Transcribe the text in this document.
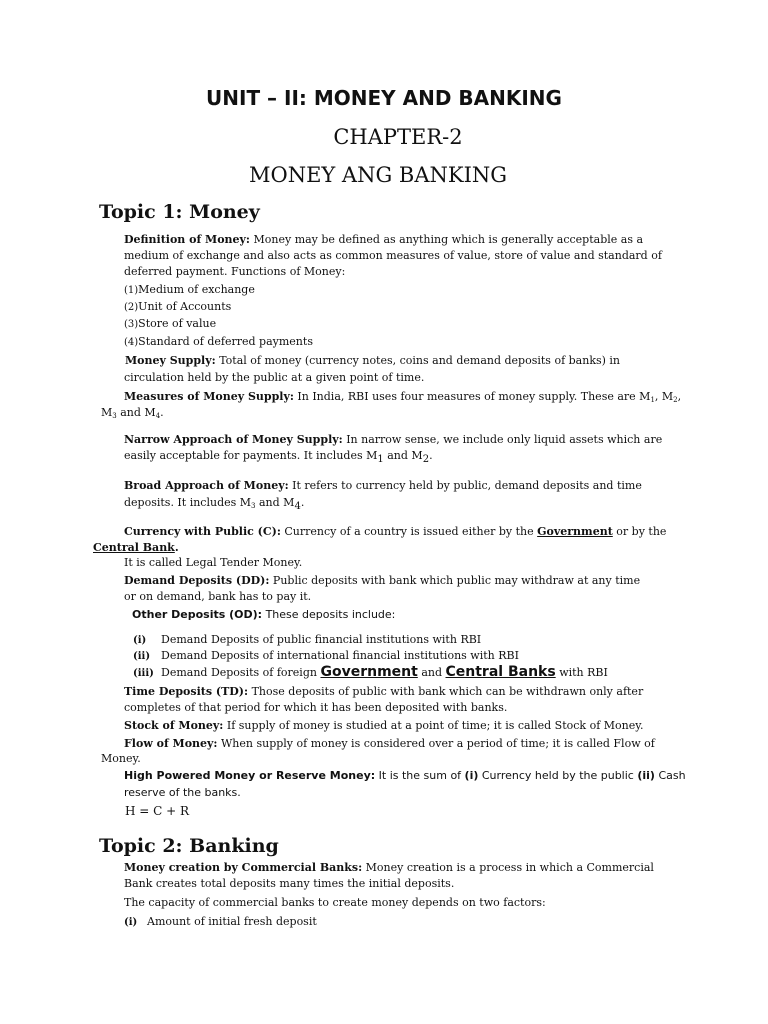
UNIT – II: MONEY AND BANKING
CHAPTER-2
MONEY ANG BANKING
Topic 1: Money
Definition of Money: Money may be defined as anything which is generally acceptable as a
medium of exchange and also acts as common measures of value, store of value and standard of
deferred payment. Functions of Money:
(1)Medium of exchange
(2)Unit of Accounts
(3)Store of value
(4)Standard of deferred payments
Money Supply: Total of money (currency notes, coins and demand deposits of banks) in
circulation held by the public at a given point of time.
Measures of Money Supply: In India, RBI uses four measures of money supply. These are $M_1$, $M_2$,
$M_3$ and $M_4$.
Narrow Approach of Money Supply: In narrow sense, we include only liquid assets which are
easily acceptable for payments. It includes M1 and M2.
Broad Approach of Money: It refers to currency held by public, demand deposits and time
deposits. It includes $M_3$ and M4.
Currency with Public (C): Currency of a country is issued either by the Government or by the
Central Bank.
It is called Legal Tender Money.
Demand Deposits (DD): Public deposits with bank which public may withdraw at any time
or on demand, bank has to pay it.
Other Deposits (OD): These deposits include:
(i) Demand Deposits of public financial institutions with RBI
(ii) Demand Deposits of international financial institutions with RBI
(iii) Demand Deposits of foreign Government and Central Banks with RBI
Time Deposits (TD): Those deposits of public with bank which can be withdrawn only after
completes of that period for which it has been deposited with banks.
Stock of Money: If supply of money is studied at a point of time; it is called Stock of Money.
Flow of Money: When supply of money is considered over a period of time; it is called Flow of
Money.
High Powered Money or Reserve Money: It is the sum of (i) Currency held by the public (ii) Cash
reserve of the banks.
H = C + R
Topic 2: Banking
Money creation by Commercial Banks: Money creation is a process in which a Commercial
Bank creates total deposits many times the initial deposits.
The capacity of commercial banks to create money depends on two factors:
(i) Amount of initial fresh deposit
